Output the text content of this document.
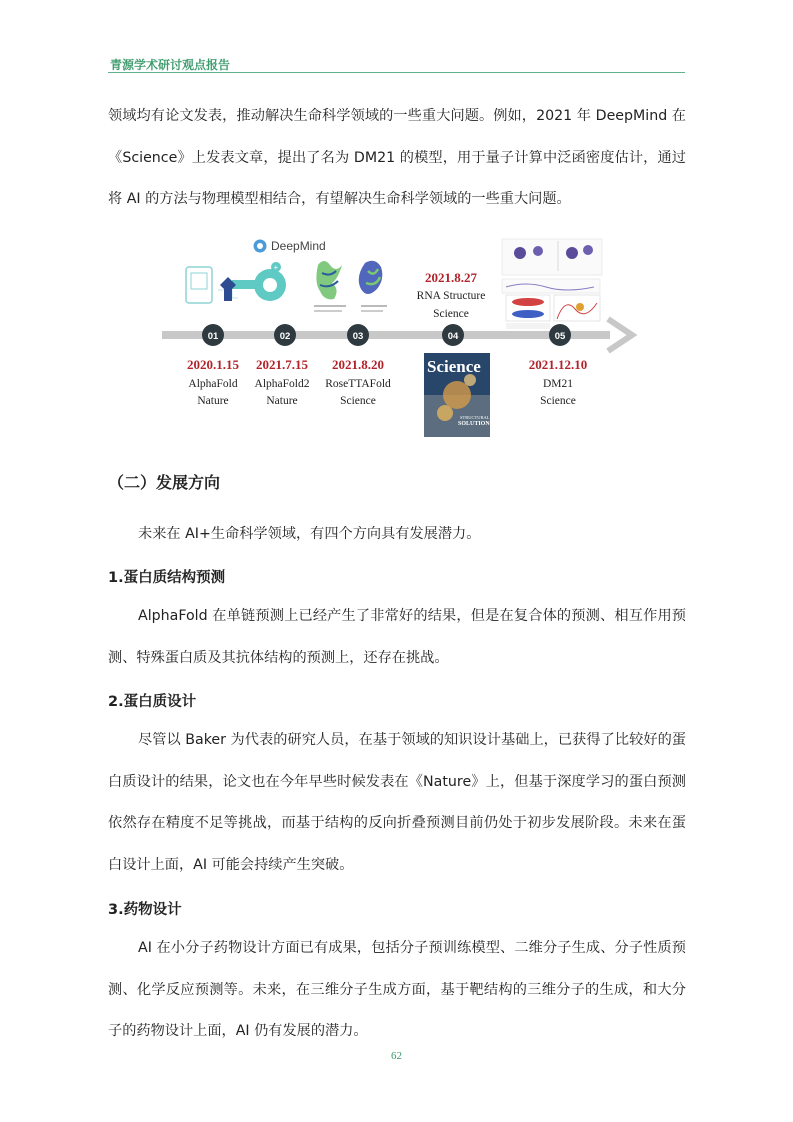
青源学术研讨观点报告

领域均有论文发表，推动解决生命科学领域的一些重大问题。例如，2021 年 DeepMind 在《Science》上发表文章，提出了名为 DM21 的模型，用于量子计算中泛函密度估计，通过将 AI 的方法与物理模型相结合，有望解决生命科学领域的一些重大问题。

DeepMind
+
Science
STRUCTURAL
SOLUTION
2021.8.27
RNA Structure
Science
01	02	03	04	05
2020.1.15
AlphaFold
Nature
2021.7.15
AlphaFold2
Nature
2021.8.20
RoseTTAFold
Science
2021.12.10
DM21
Science
（二）发展方向

未来在 AI+生命科学领域，有四个方向具有发展潜力。

1.蛋白质结构预测

AlphaFold 在单链预测上已经产生了非常好的结果，但是在复合体的预测、相互作用预测、特殊蛋白质及其抗体结构的预测上，还存在挑战。

2.蛋白质设计

尽管以 Baker 为代表的研究人员，在基于领域的知识设计基础上，已获得了比较好的蛋白质设计的结果，论文也在今年早些时候发表在《Nature》上，但基于深度学习的蛋白预测依然存在精度不足等挑战，而基于结构的反向折叠预测目前仍处于初步发展阶段。未来在蛋白设计上面，AI 可能会持续产生突破。

3.药物设计

AI 在小分子药物设计方面已有成果，包括分子预训练模型、二维分子生成、分子性质预测、化学反应预测等。未来，在三维分子生成方面，基于靶结构的三维分子的生成，和大分子的药物设计上面，AI 仍有发展的潜力。

62
